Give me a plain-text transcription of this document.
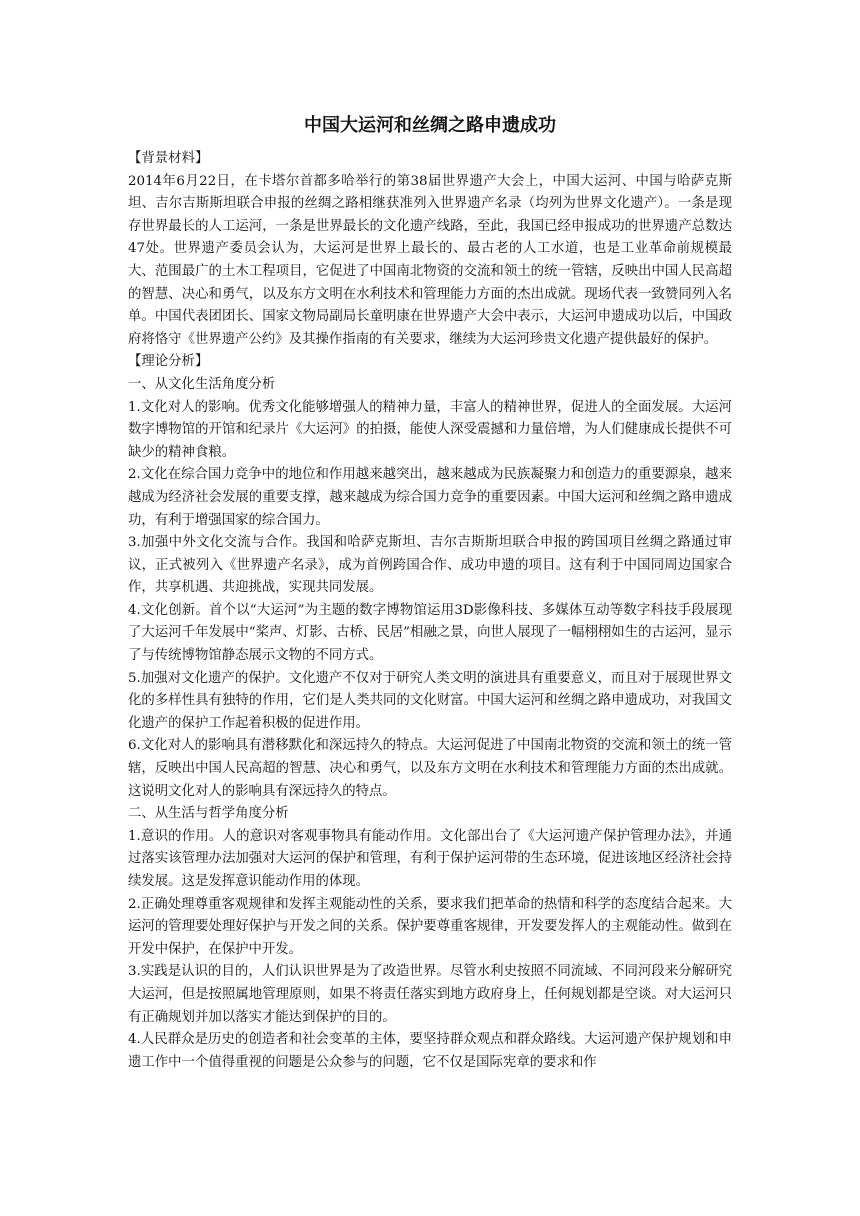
中国大运河和丝绸之路申遗成功

【背景材料】

2014年6月22日，在卡塔尔首都多哈举行的第38届世界遗产大会上，中国大运河、中国与哈萨克斯坦、吉尔吉斯斯坦联合申报的丝绸之路相继获准列入世界遗产名录（均列为世界文化遗产）。一条是现存世界最长的人工运河，一条是世界最长的文化遗产线路，至此，我国已经申报成功的世界遗产总数达47处。世界遗产委员会认为，大运河是世界上最长的、最古老的人工水道，也是工业革命前规模最大、范围最广的土木工程项目，它促进了中国南北物资的交流和领土的统一管辖，反映出中国人民高超的智慧、决心和勇气，以及东方文明在水利技术和管理能力方面的杰出成就。现场代表一致赞同列入名单。中国代表团团长、国家文物局副局长童明康在世界遗产大会中表示，大运河申遗成功以后，中国政府将恪守《世界遗产公约》及其操作指南的有关要求，继续为大运河珍贵文化遗产提供最好的保护。

【理论分析】

一、从文化生活角度分析

1.文化对人的影响。优秀文化能够增强人的精神力量，丰富人的精神世界，促进人的全面发展。大运河数字博物馆的开馆和纪录片《大运河》的拍摄，能使人深受震撼和力量倍增，为人们健康成长提供不可缺少的精神食粮。

2.文化在综合国力竞争中的地位和作用越来越突出，越来越成为民族凝聚力和创造力的重要源泉，越来越成为经济社会发展的重要支撑，越来越成为综合国力竞争的重要因素。中国大运河和丝绸之路申遗成功，有利于增强国家的综合国力。

3.加强中外文化交流与合作。我国和哈萨克斯坦、吉尔吉斯斯坦联合申报的跨国项目丝绸之路通过审议，正式被列入《世界遗产名录》，成为首例跨国合作、成功申遗的项目。这有利于中国同周边国家合作，共享机遇、共迎挑战，实现共同发展。

4.文化创新。首个以“大运河”为主题的数字博物馆运用3D影像科技、多媒体互动等数字科技手段展现了大运河千年发展中“桨声、灯影、古桥、民居”相融之景，向世人展现了一幅栩栩如生的古运河，显示了与传统博物馆静态展示文物的不同方式。

5.加强对文化遗产的保护。文化遗产不仅对于研究人类文明的演进具有重要意义，而且对于展现世界文化的多样性具有独特的作用，它们是人类共同的文化财富。中国大运河和丝绸之路申遗成功，对我国文化遗产的保护工作起着积极的促进作用。

6.文化对人的影响具有潜移默化和深远持久的特点。大运河促进了中国南北物资的交流和领土的统一管辖，反映出中国人民高超的智慧、决心和勇气，以及东方文明在水利技术和管理能力方面的杰出成就。这说明文化对人的影响具有深远持久的特点。

二、从生活与哲学角度分析

1.意识的作用。人的意识对客观事物具有能动作用。文化部出台了《大运河遗产保护管理办法》，并通过落实该管理办法加强对大运河的保护和管理，有利于保护运河带的生态环境，促进该地区经济社会持续发展。这是发挥意识能动作用的体现。

2.正确处理尊重客观规律和发挥主观能动性的关系，要求我们把革命的热情和科学的态度结合起来。大运河的管理要处理好保护与开发之间的关系。保护要尊重客规律，开发要发挥人的主观能动性。做到在开发中保护，在保护中开发。

3.实践是认识的目的，人们认识世界是为了改造世界。尽管水利史按照不同流域、不同河段来分解研究大运河，但是按照属地管理原则，如果不将责任落实到地方政府身上，任何规划都是空谈。对大运河只有正确规划并加以落实才能达到保护的目的。

4.人民群众是历史的创造者和社会变革的主体，要坚持群众观点和群众路线。大运河遗产保护规划和申遗工作中一个值得重视的问题是公众参与的问题，它不仅是国际宪章的要求和作
